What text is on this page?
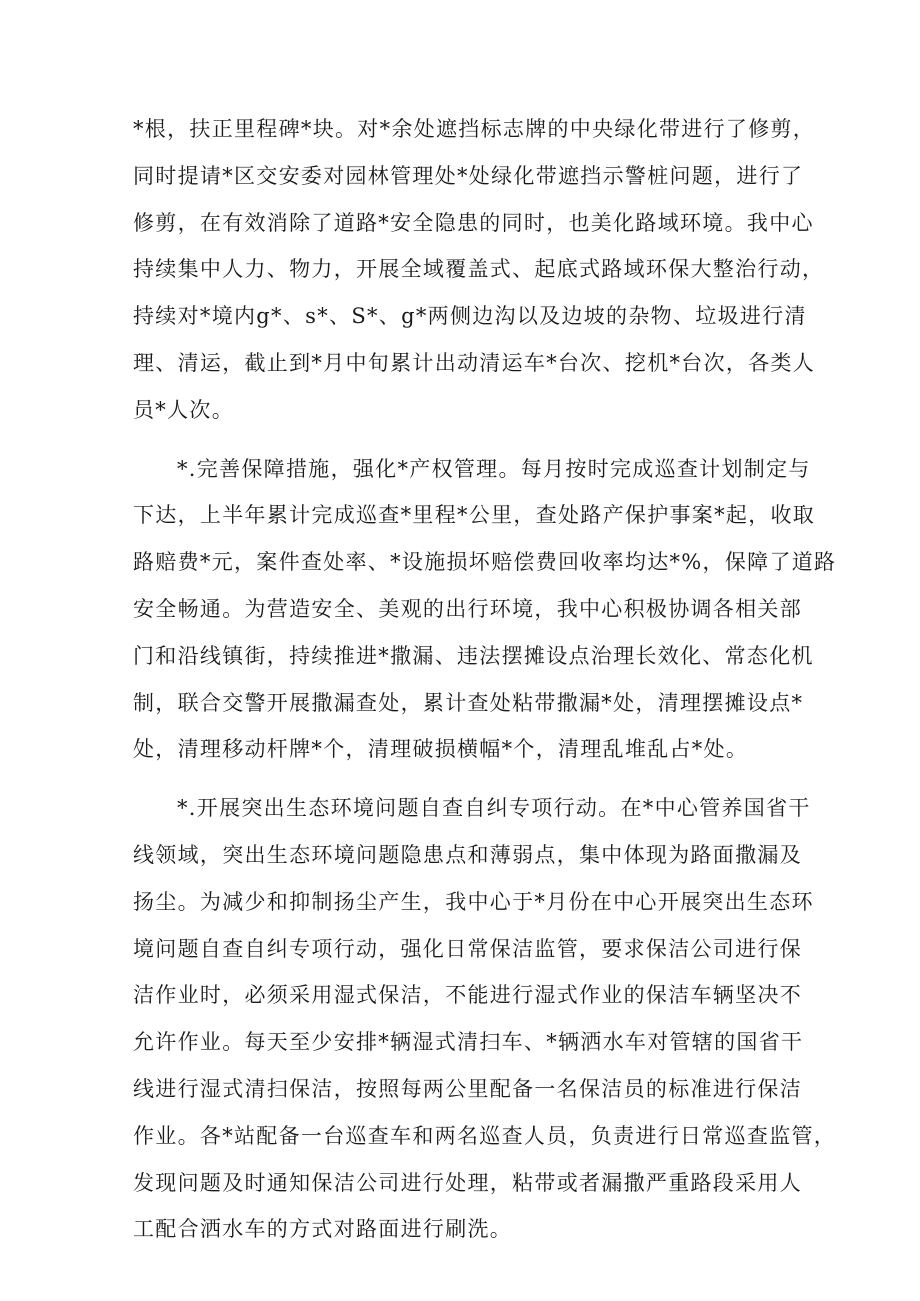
*根，扶正里程碑*块。对*余处遮挡标志牌的中央绿化带进行了修剪，
同时提请*区交安委对园林管理处*处绿化带遮挡示警桩问题，进行了
修剪，在有效消除了道路*安全隐患的同时，也美化路域环境。我中心
持续集中人力、物力，开展全域覆盖式、起底式路域环保大整治行动，
持续对*境内g*、s*、S*、g*两侧边沟以及边坡的杂物、垃圾进行清
理、清运，截止到*月中旬累计出动清运车*台次、挖机*台次，各类人
员*人次。
*.完善保障措施，强化*产权管理。每月按时完成巡查计划制定与
下达，上半年累计完成巡查*里程*公里，查处路产保护事案*起，收取
路赔费*元，案件查处率、*设施损坏赔偿费回收率均达*%，保障了道路
安全畅通。为营造安全、美观的出行环境，我中心积极协调各相关部
门和沿线镇街，持续推进*撒漏、违法摆摊设点治理长效化、常态化机
制，联合交警开展撒漏查处，累计查处粘带撒漏*处，清理摆摊设点*
处，清理移动杆牌*个，清理破损横幅*个，清理乱堆乱占*处。
*.开展突出生态环境问题自查自纠专项行动。在*中心管养国省干
线领域，突出生态环境问题隐患点和薄弱点，集中体现为路面撒漏及
扬尘。为减少和抑制扬尘产生，我中心于*月份在中心开展突出生态环
境问题自查自纠专项行动，强化日常保洁监管，要求保洁公司进行保
洁作业时，必须采用湿式保洁，不能进行湿式作业的保洁车辆坚决不
允许作业。每天至少安排*辆湿式清扫车、*辆洒水车对管辖的国省干
线进行湿式清扫保洁，按照每两公里配备一名保洁员的标准进行保洁
作业。各*站配备一台巡查车和两名巡查人员，负责进行日常巡查监管，
发现问题及时通知保洁公司进行处理，粘带或者漏撒严重路段采用人
工配合洒水车的方式对路面进行刷洗。
